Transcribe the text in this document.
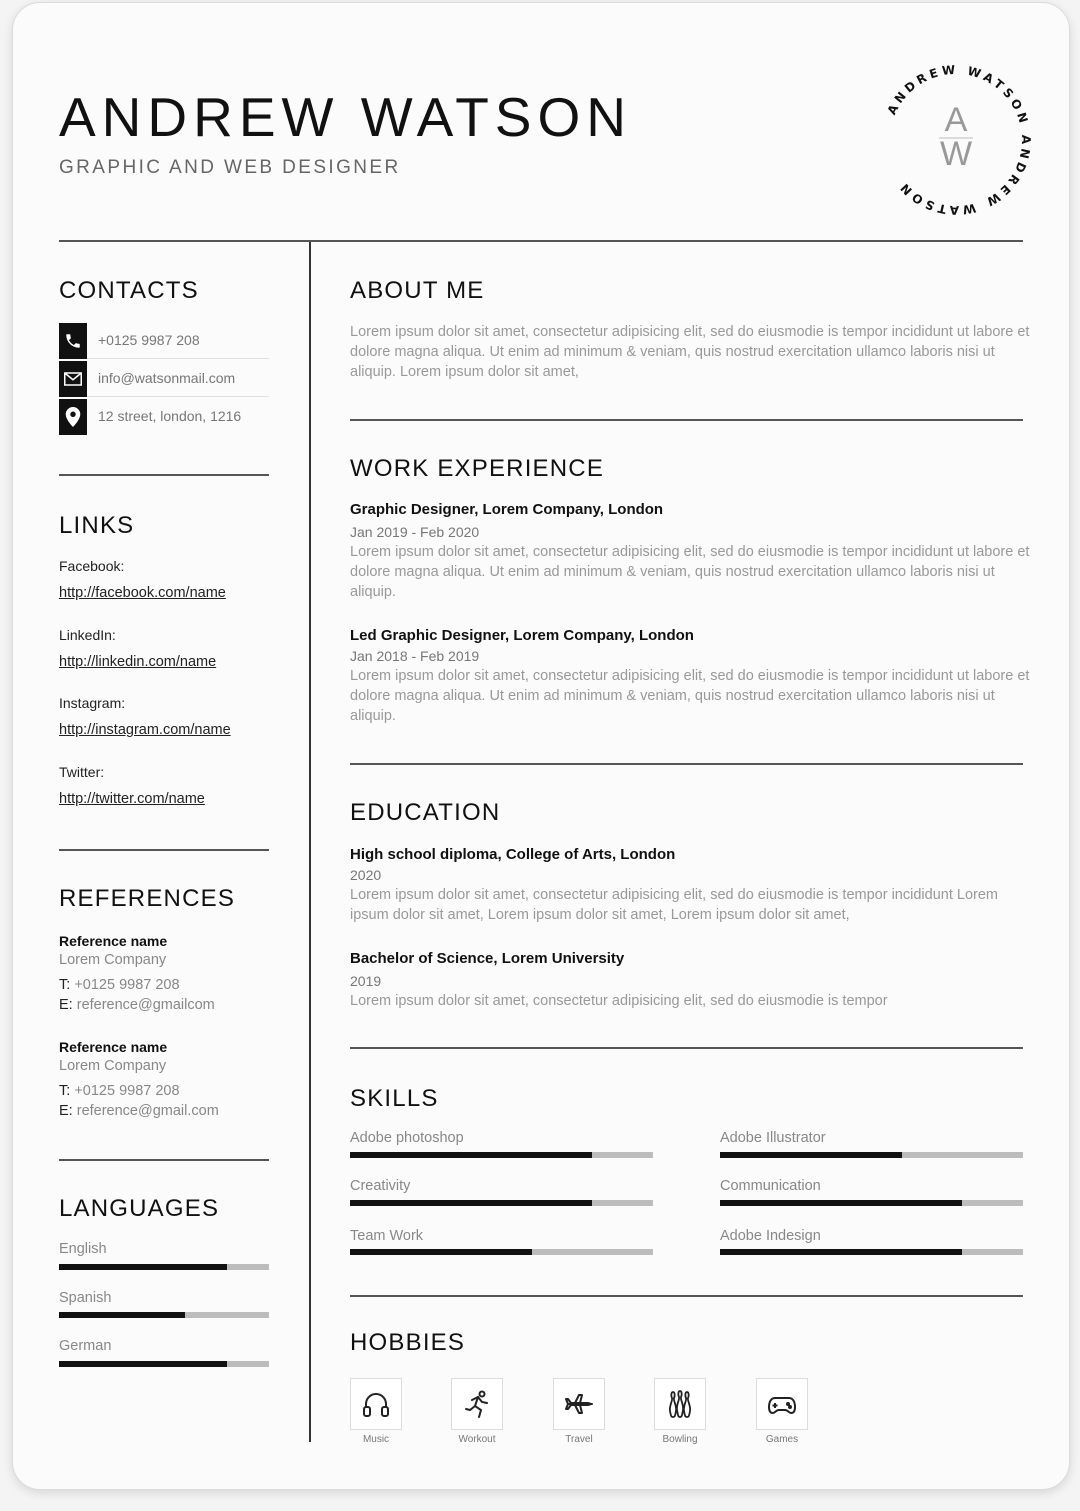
ANDREW WATSON
GRAPHIC AND WEB DESIGNER
ANDREW WATSON ANDREW WATSON
A
W
CONTACTS
+0125 9987 208
info@watsonmail.com
12 street, london, 1216
LINKS
Facebook:
http://facebook.com/name
LinkedIn:
http://linkedin.com/name
Instagram:
http://instagram.com/name
Twitter:
http://twitter.com/name
REFERENCES
Reference name
Lorem Company
T: +0125 9987 208
E: reference@gmailcom
Reference name
Lorem Company
T: +0125 9987 208
E: reference@gmail.com
LANGUAGES
English
Spanish
German
ABOUT ME
Lorem ipsum dolor sit amet, consectetur adipisicing elit, sed do eiusmodie is tempor incididunt ut labore et dolore magna aliqua. Ut enim ad minimum & veniam, quis nostrud exercitation ullamco laboris nisi ut aliquip. Lorem ipsum dolor sit amet,
WORK EXPERIENCE
Graphic Designer, Lorem Company, London
Jan 2019 - Feb 2020
Lorem ipsum dolor sit amet, consectetur adipisicing elit, sed do eiusmodie is tempor incididunt ut labore et dolore magna aliqua. Ut enim ad minimum & veniam, quis nostrud exercitation ullamco laboris nisi ut aliquip.
Led Graphic Designer, Lorem Company, London
Jan 2018 - Feb 2019
Lorem ipsum dolor sit amet, consectetur adipisicing elit, sed do eiusmodie is tempor incididunt ut labore et dolore magna aliqua. Ut enim ad minimum & veniam, quis nostrud exercitation ullamco laboris nisi ut aliquip.
EDUCATION
High school diploma, College of Arts, London
2020
Lorem ipsum dolor sit amet, consectetur adipisicing elit, sed do eiusmodie is tempor incididunt Lorem ipsum dolor sit amet, Lorem ipsum dolor sit amet, Lorem ipsum dolor sit amet,
Bachelor of Science, Lorem University
2019
Lorem ipsum dolor sit amet, consectetur adipisicing elit, sed do eiusmodie is tempor
SKILLS
Adobe photoshop	Adobe Illustrator
Creativity	Communication
Team Work	Adobe Indesign
HOBBIES
Music	Workout	Travel	Bowling	Games
